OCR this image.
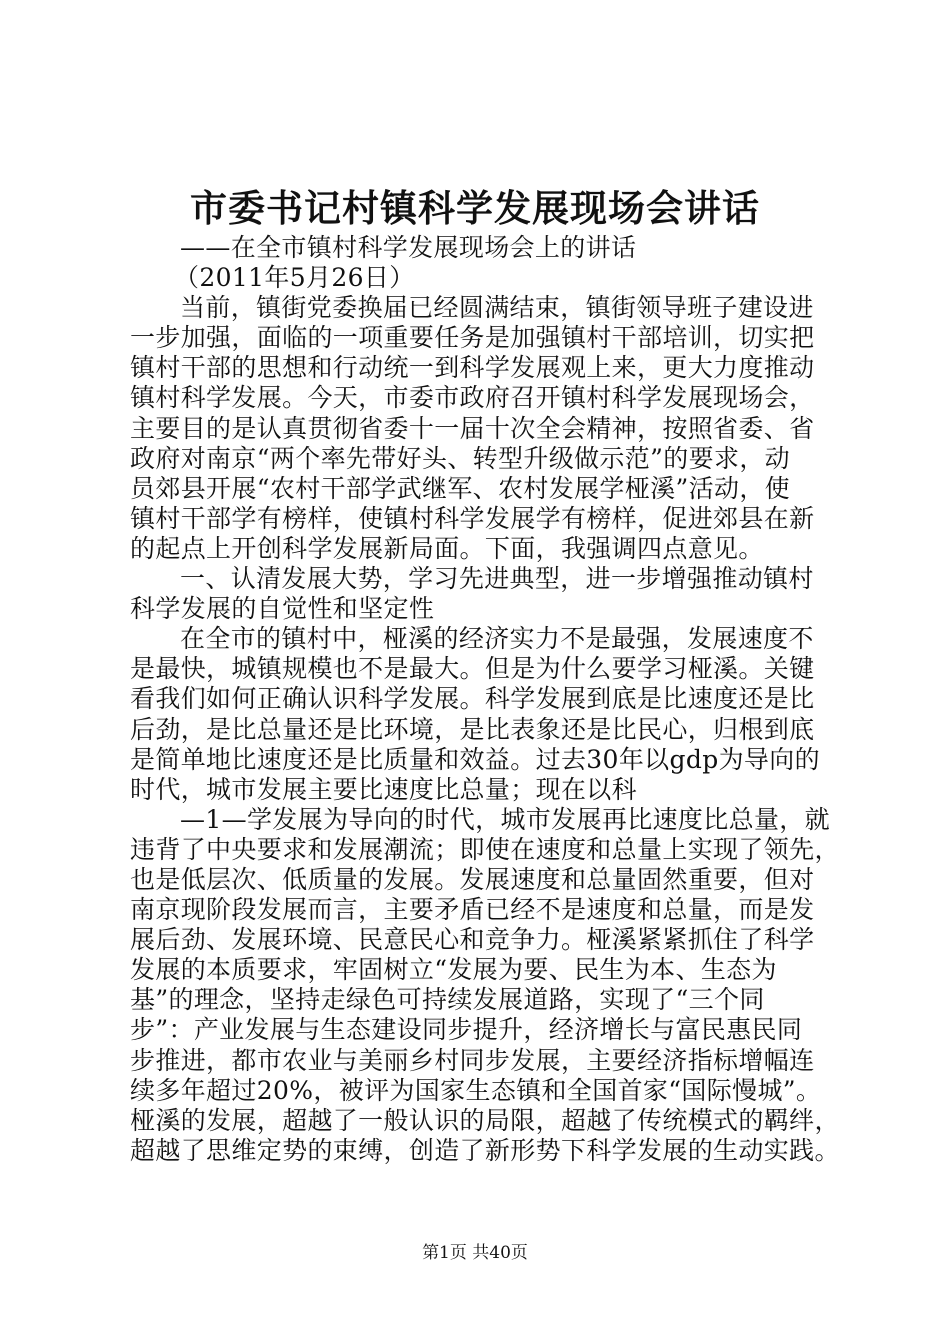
市委书记村镇科学发展现场会讲话

——在全市镇村科学发展现场会上的讲话

（2011年5月26日）

当前，镇街党委换届已经圆满结束，镇街领导班子建设进

一步加强，面临的一项重要任务是加强镇村干部培训，切实把

镇村干部的思想和行动统一到科学发展观上来，更大力度推动

镇村科学发展。今天，市委市政府召开镇村科学发展现场会，

主要目的是认真贯彻省委十一届十次全会精神，按照省委、省

政府对南京“两个率先带好头、转型升级做示范”的要求，动

员郊县开展“农村干部学武继军、农村发展学桠溪”活动，使

镇村干部学有榜样，使镇村科学发展学有榜样，促进郊县在新

的起点上开创科学发展新局面。下面，我强调四点意见。

一、认清发展大势，学习先进典型，进一步增强推动镇村

科学发展的自觉性和坚定性

在全市的镇村中，桠溪的经济实力不是最强，发展速度不

是最快，城镇规模也不是最大。但是为什么要学习桠溪。关键

看我们如何正确认识科学发展。科学发展到底是比速度还是比

后劲，是比总量还是比环境，是比表象还是比民心，归根到底

是简单地比速度还是比质量和效益。过去30年以gdp为导向的

时代，城市发展主要比速度比总量；现在以科

—1—学发展为导向的时代，城市发展再比速度比总量，就

违背了中央要求和发展潮流；即使在速度和总量上实现了领先，

也是低层次、低质量的发展。发展速度和总量固然重要，但对

南京现阶段发展而言，主要矛盾已经不是速度和总量，而是发

展后劲、发展环境、民意民心和竞争力。桠溪紧紧抓住了科学

发展的本质要求，牢固树立“发展为要、民生为本、生态为

基”的理念，坚持走绿色可持续发展道路，实现了“三个同

步”：产业发展与生态建设同步提升，经济增长与富民惠民同

步推进，都市农业与美丽乡村同步发展，主要经济指标增幅连

续多年超过20%，被评为国家生态镇和全国首家“国际慢城”。

桠溪的发展，超越了一般认识的局限，超越了传统模式的羁绊，

超越了思维定势的束缚，创造了新形势下科学发展的生动实践。

第1页 共40页
